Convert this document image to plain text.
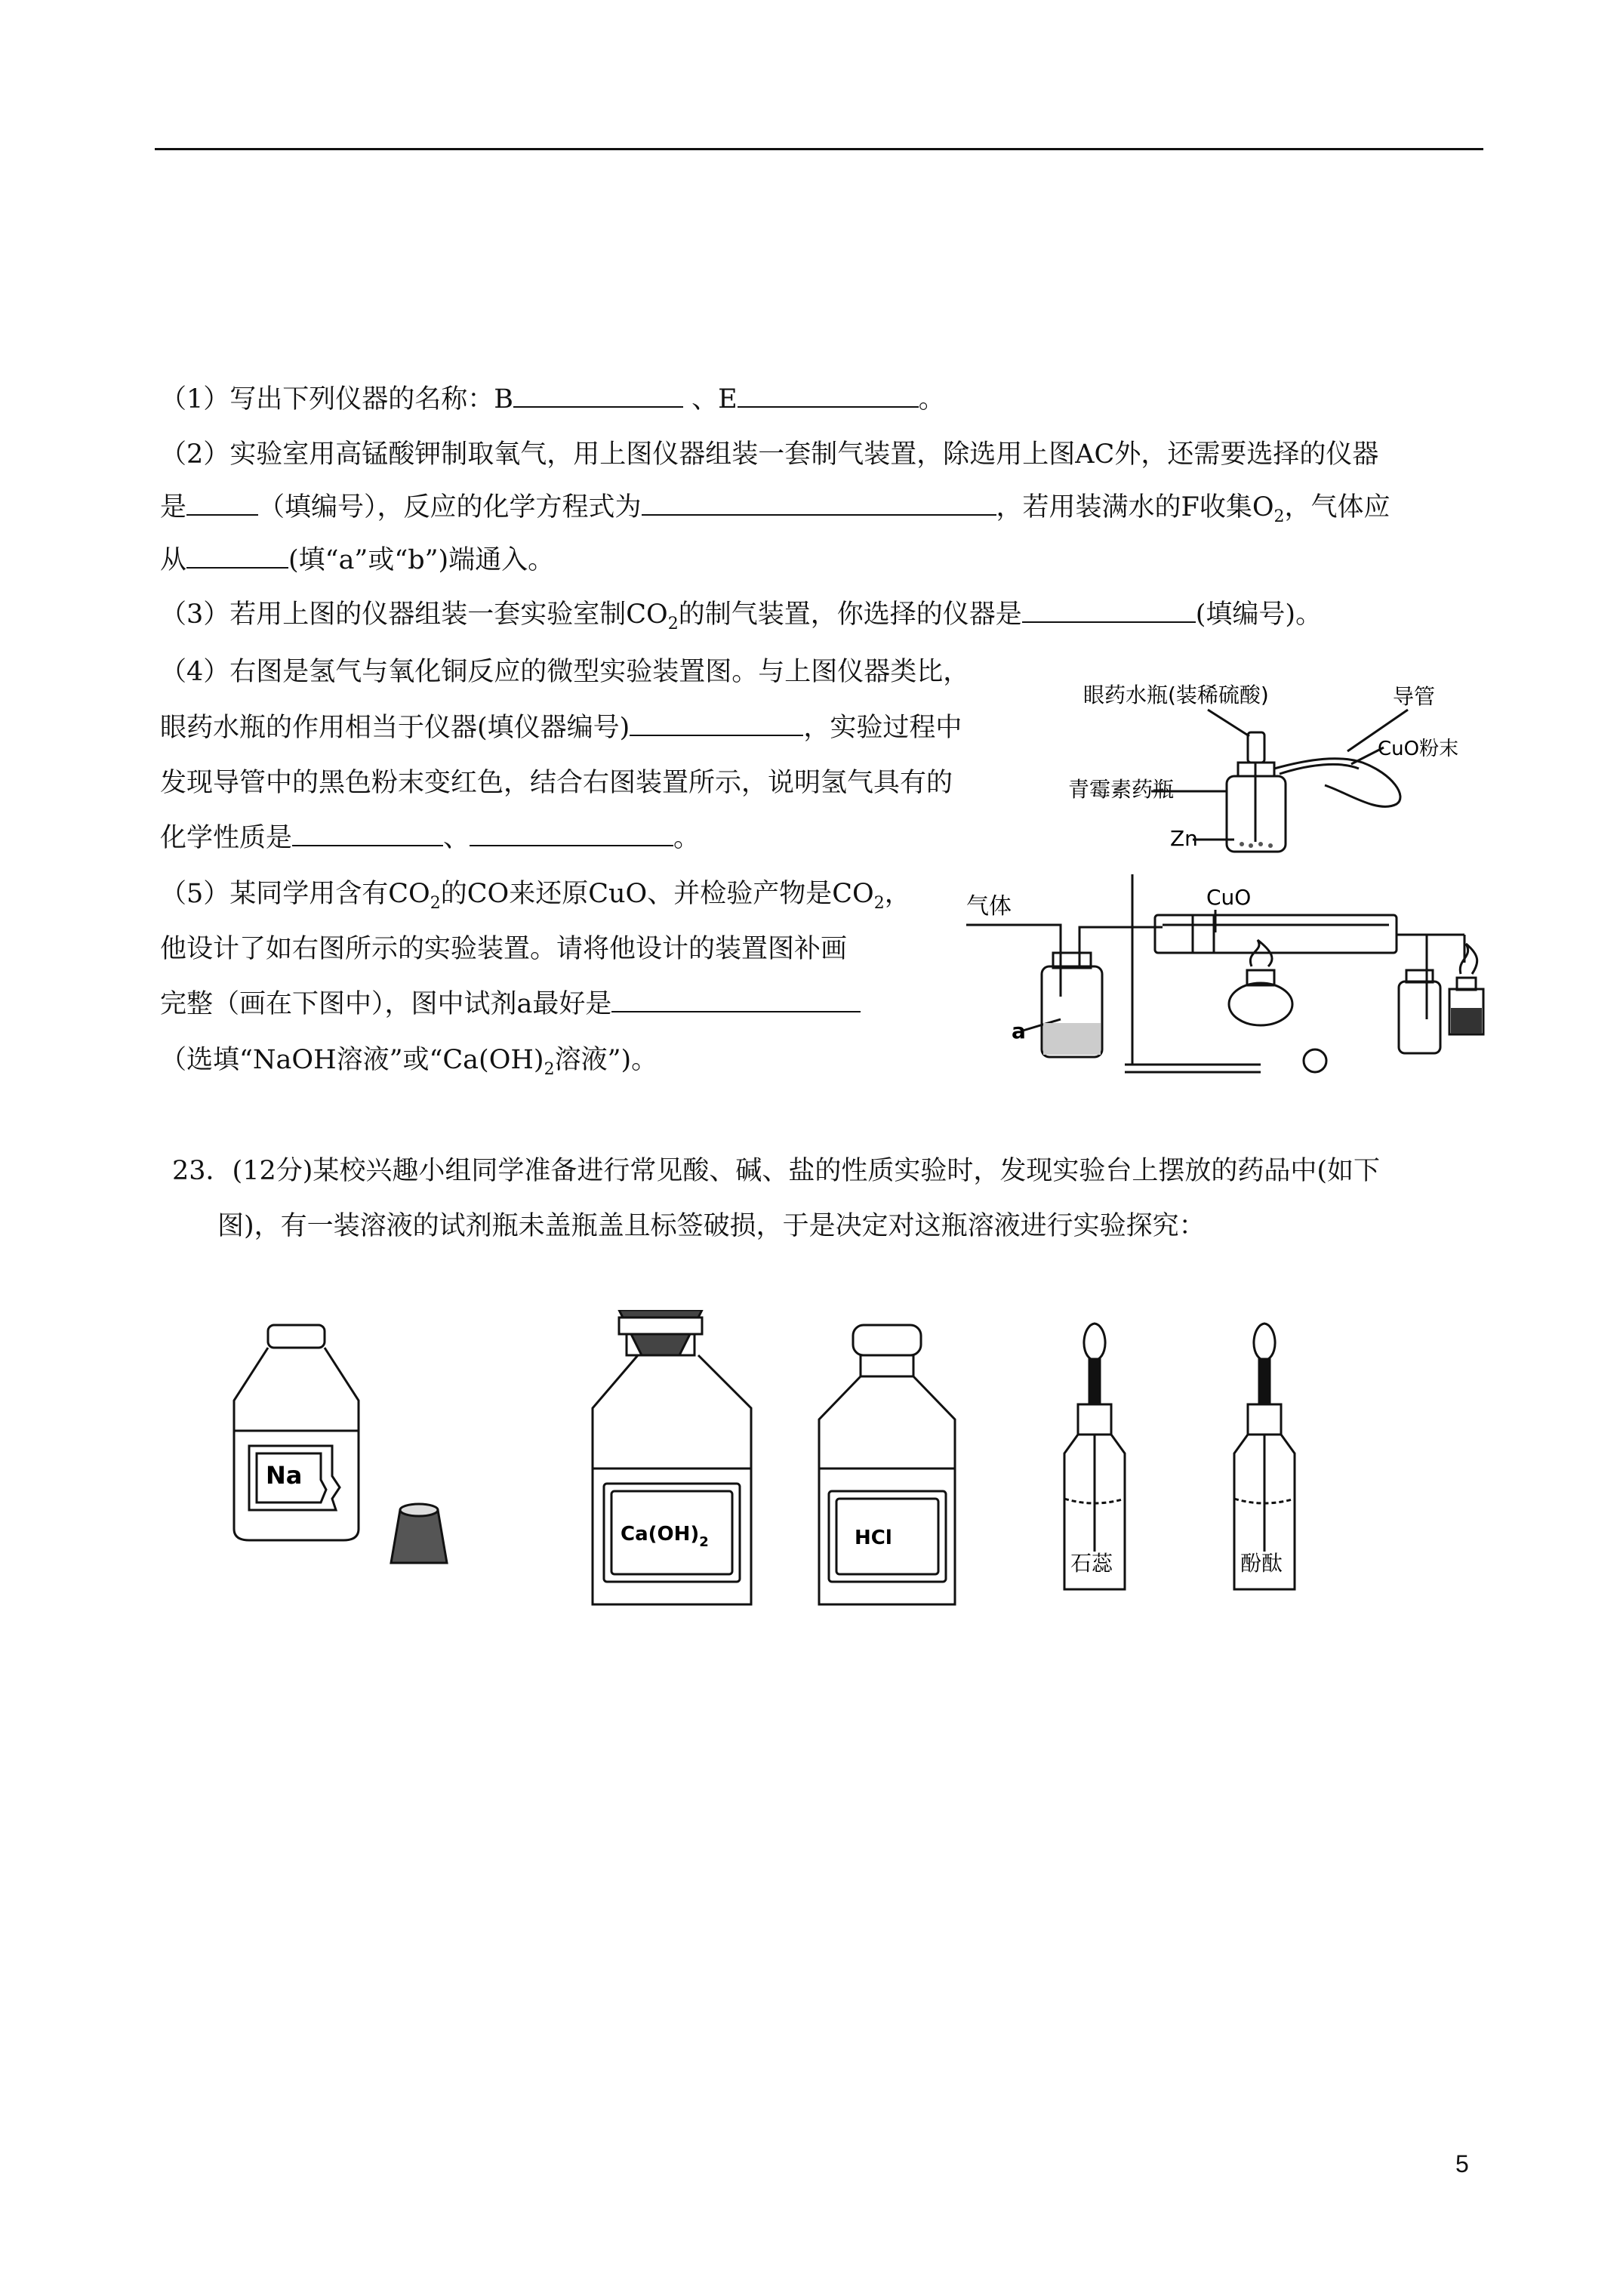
（1）写出下列仪器的名称：B	、E	。
（2）实验室用高锰酸钾制取氧气，用上图仪器组装一套制气装置，除选用上图AC外，还需要选择的仪器
是	（填编号），反应的化学方程式为	，若用装满水的F收集$O_2$，气体应
从	(填“a”或“b”)端通入。
（3）若用上图的仪器组装一套实验室制$CO_2$的制气装置，你选择的仪器是	(填编号)。
（4）右图是氢气与氧化铜反应的微型实验装置图。与上图仪器类比，
眼药水瓶的作用相当于仪器(填仪器编号)	，实验过程中
发现导管中的黑色粉末变红色，结合右图装置所示，说明氢气具有的
化学性质是	、	。
（5）某同学用含有$CO_2$的CO来还原CuO、并检验产物是$CO_2$，
他设计了如右图所示的实验装置。请将他设计的装置图补画
完整（画在下图中），图中试剂a最好是
（选填“NaOH溶液”或“$Ca(OH)_2$溶液”)。
23．(12分)某校兴趣小组同学准备进行常见酸、碱、盐的性质实验时，发现实验台上摆放的药品中(如下
图)，有一装溶液的试剂瓶未盖瓶盖且标签破损，于是决定对这瓶溶液进行实验探究：
眼药水瓶(装稀硫酸)	导管
CuO粉末
青霉素药瓶
Zn
气体	CuO
a
Na
$Ca(OH)_2$	HCl
石蕊	酚酞
5
